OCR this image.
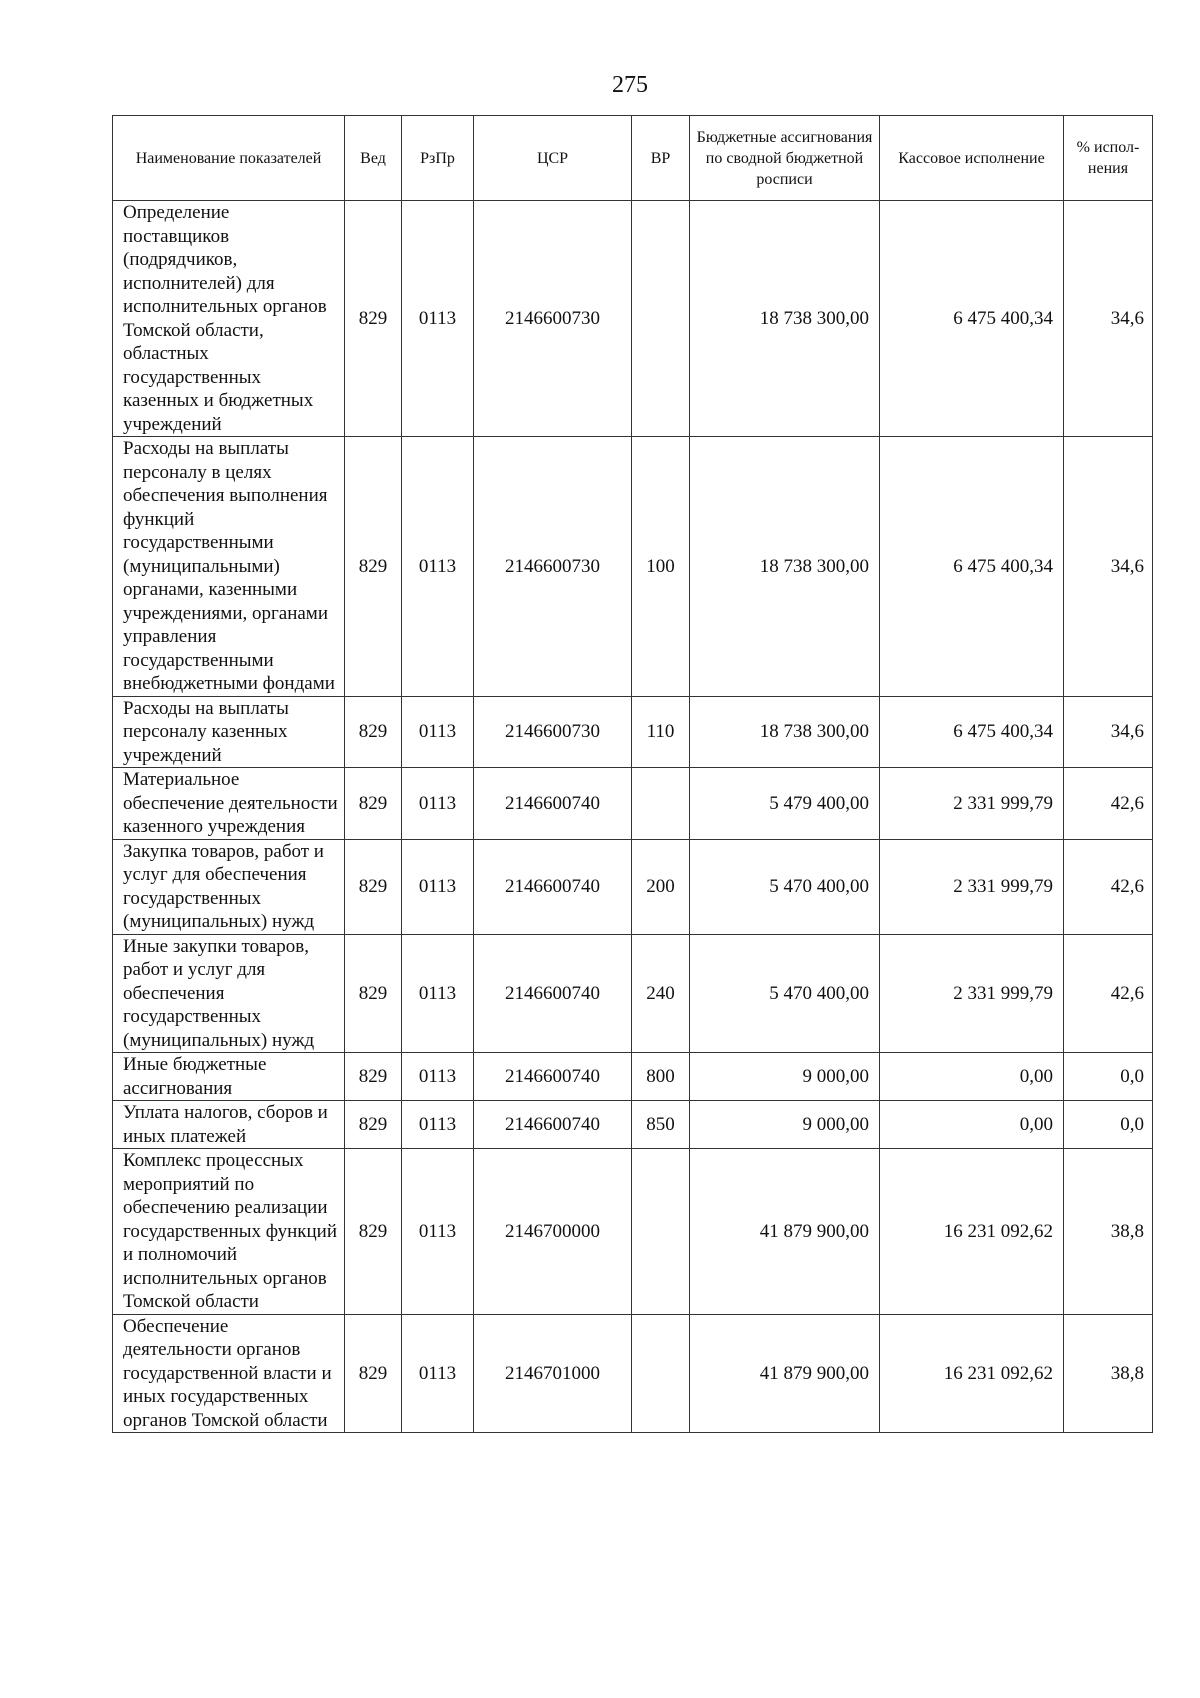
275
Наименование показателей	Вед	РзПр	ЦСР	ВР	Бюджетные ассигнования по сводной бюджетной росписи	Кассовое исполнение	% испол-нения
Определение поставщиков (подрядчиков, исполнителей) для исполнительных органов Томской области, областных государственных казенных и бюджетных учреждений	829	0113	2146600730		18 738 300,00	6 475 400,34	34,6
Расходы на выплаты персоналу в целях обеспечения выполнения функций государственными (муниципальными) органами, казенными учреждениями, органами управления государственными внебюджетными фондами	829	0113	2146600730	100	18 738 300,00	6 475 400,34	34,6
Расходы на выплаты персоналу казенных учреждений	829	0113	2146600730	110	18 738 300,00	6 475 400,34	34,6
Материальное обеспечение деятельности казенного учреждения	829	0113	2146600740		5 479 400,00	2 331 999,79	42,6
Закупка товаров, работ и услуг для обеспечения государственных (муниципальных) нужд	829	0113	2146600740	200	5 470 400,00	2 331 999,79	42,6
Иные закупки товаров, работ и услуг для обеспечения государственных (муниципальных) нужд	829	0113	2146600740	240	5 470 400,00	2 331 999,79	42,6
Иные бюджетные ассигнования	829	0113	2146600740	800	9 000,00	0,00	0,0
Уплата налогов, сборов и иных платежей	829	0113	2146600740	850	9 000,00	0,00	0,0
Комплекс процессных мероприятий по обеспечению реализации государственных функций и полномочий исполнительных органов Томской области	829	0113	2146700000		41 879 900,00	16 231 092,62	38,8
Обеспечение деятельности органов государственной власти и иных государственных органов Томской области	829	0113	2146701000		41 879 900,00	16 231 092,62	38,8
